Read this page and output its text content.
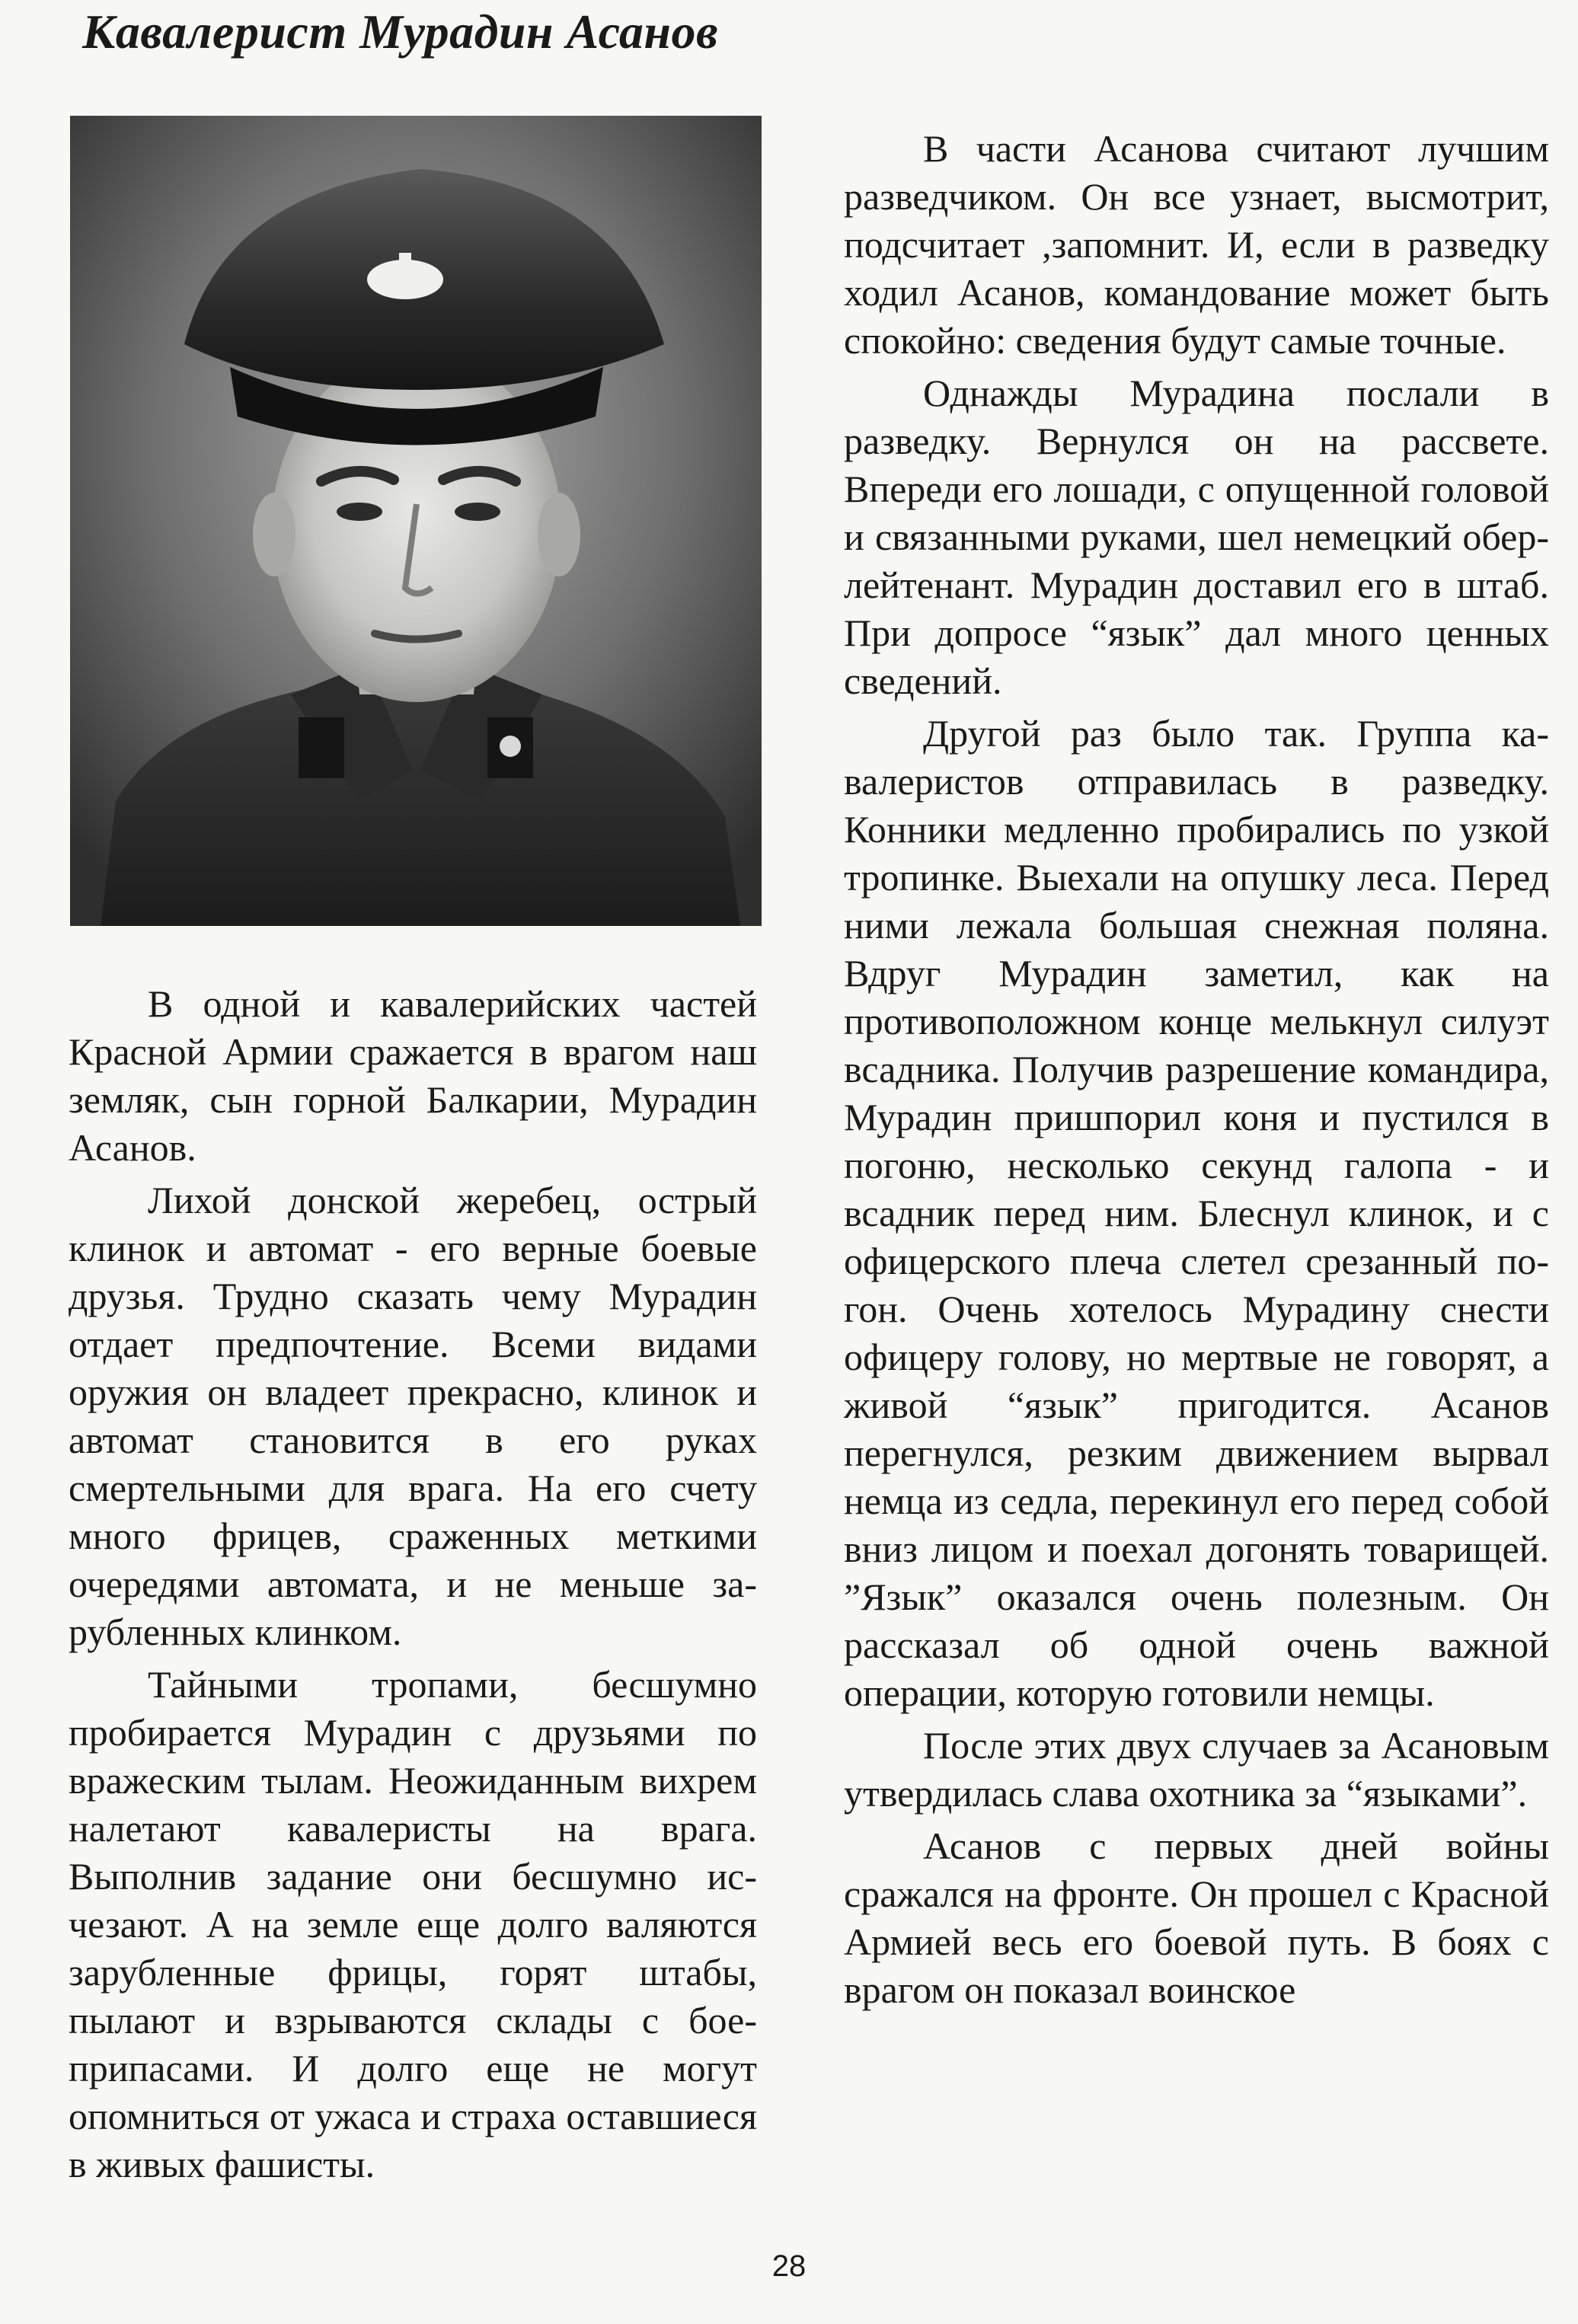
Кавалерист Мурадин Асанов

В одной и кавалерийских частей Красной Армии сражается в врагом наш земляк, сын горной Балкарии, Мурадин Асанов.

Лихой донской жеребец, острый клинок и автомат - его верные боевые друзья. Трудно сказать чему Мурадин отдает предпочтение. Всеми видами оружия он владеет прекрасно, клинок и автомат становится в его руках смертельными для врага. На его счету много фрицев, сраженных меткими очередями автомата, и не меньше зарубленных клинком.

Тайными тропами, бесшумно пробирается Мурадин с друзьями по вражеским тылам. Неожиданным вихрем налетают кавалеристы на врага. Выполнив задание они бесшумно исчезают. А на земле еще долго валяются зарубленные фрицы, горят штабы, пылают и взрываются склады с боеприпасами. И долго еще не могут опомниться от ужаса и страха оставшиеся в живых фашисты.

В части Асанова считают лучшим разведчиком. Он все узнает, высмотрит, подсчитает ,запомнит. И, если в разведку ходил Асанов, командование может быть спокойно: сведения будут самые точные.

Однажды Мурадина послали в разведку. Вернулся он на рассвете. Впереди его лошади, с опущенной головой и связанными руками, шел немецкий обер-лейтенант. Мурадин доставил его в штаб. При допросе “язык” дал много ценных сведений.

Другой раз было так. Группа кавалеристов отправилась в разведку. Конники медленно пробирались по узкой тропинке. Выехали на опушку леса. Перед ними лежала большая снежная поляна. Вдруг Мурадин заметил, как на противоположном конце мелькнул силуэт всадника. Получив разрешение командира, Мурадин пришпорил коня и пустился в погоню, несколько секунд галопа - и всадник перед ним. Блеснул клинок, и с офицерского плеча слетел срезанный погон. Очень хотелось Мурадину снести офицеру голову, но мертвые не говорят, а живой “язык” пригодится. Асанов перегнулся, резким движением вырвал немца из седла, перекинул его перед собой вниз лицом и поехал догонять товарищей. ”Язык” оказался очень полезным. Он рассказал об одной очень важной операции, которую готовили немцы.

После этих двух случаев за Асановым утвердилась слава охотника за “языками”.

Асанов с первых дней войны сражался на фронте. Он прошел с Красной Армией весь его боевой путь. В боях с врагом он показал воинское

28
